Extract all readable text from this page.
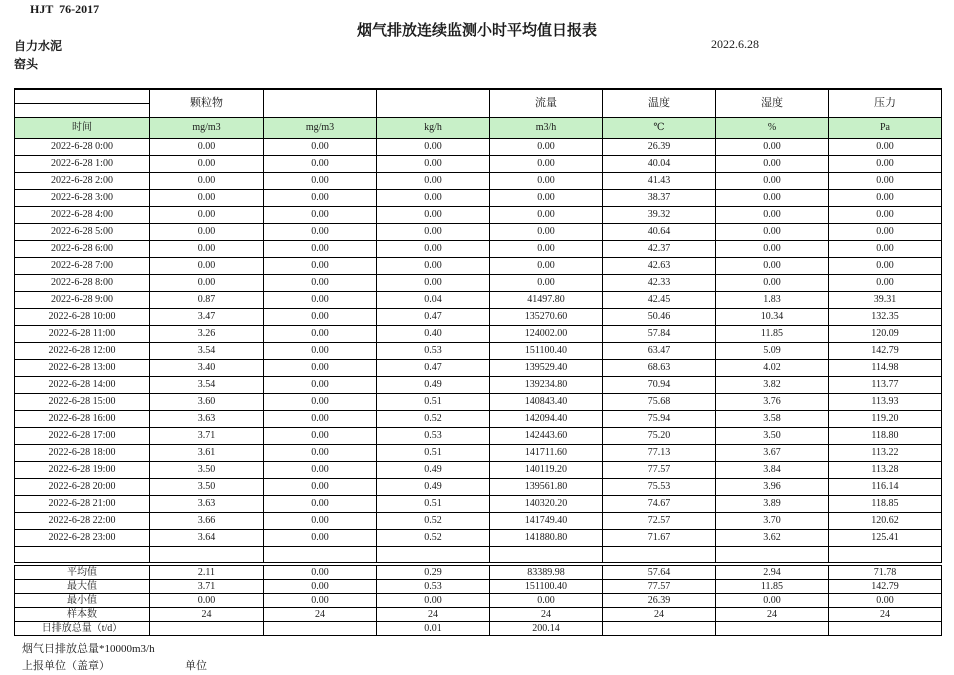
HJT  76-2017
烟气排放连续监测小时平均值日报表
2022.6.28
自力水泥
窑头
	颗粒物			流量	温度	湿度	压力

时间	mg/m3	mg/m3	kg/h	m3/h	℃	%	Pa
2022-6-28 0:00	0.00	0.00	0.00	0.00	26.39	0.00	0.00
2022-6-28 1:00	0.00	0.00	0.00	0.00	40.04	0.00	0.00
2022-6-28 2:00	0.00	0.00	0.00	0.00	41.43	0.00	0.00
2022-6-28 3:00	0.00	0.00	0.00	0.00	38.37	0.00	0.00
2022-6-28 4:00	0.00	0.00	0.00	0.00	39.32	0.00	0.00
2022-6-28 5:00	0.00	0.00	0.00	0.00	40.64	0.00	0.00
2022-6-28 6:00	0.00	0.00	0.00	0.00	42.37	0.00	0.00
2022-6-28 7:00	0.00	0.00	0.00	0.00	42.63	0.00	0.00
2022-6-28 8:00	0.00	0.00	0.00	0.00	42.33	0.00	0.00
2022-6-28 9:00	0.87	0.00	0.04	41497.80	42.45	1.83	39.31
2022-6-28 10:00	3.47	0.00	0.47	135270.60	50.46	10.34	132.35
2022-6-28 11:00	3.26	0.00	0.40	124002.00	57.84	11.85	120.09
2022-6-28 12:00	3.54	0.00	0.53	151100.40	63.47	5.09	142.79
2022-6-28 13:00	3.40	0.00	0.47	139529.40	68.63	4.02	114.98
2022-6-28 14:00	3.54	0.00	0.49	139234.80	70.94	3.82	113.77
2022-6-28 15:00	3.60	0.00	0.51	140843.40	75.68	3.76	113.93
2022-6-28 16:00	3.63	0.00	0.52	142094.40	75.94	3.58	119.20
2022-6-28 17:00	3.71	0.00	0.53	142443.60	75.20	3.50	118.80
2022-6-28 18:00	3.61	0.00	0.51	141711.60	77.13	3.67	113.22
2022-6-28 19:00	3.50	0.00	0.49	140119.20	77.57	3.84	113.28
2022-6-28 20:00	3.50	0.00	0.49	139561.80	75.53	3.96	116.14
2022-6-28 21:00	3.63	0.00	0.51	140320.20	74.67	3.89	118.85
2022-6-28 22:00	3.66	0.00	0.52	141749.40	72.57	3.70	120.62
2022-6-28 23:00	3.64	0.00	0.52	141880.80	71.67	3.62	125.41

平均值	2.11	0.00	0.29	83389.98	57.64	2.94	71.78
最大值	3.71	0.00	0.53	151100.40	77.57	11.85	142.79
最小值	0.00	0.00	0.00	0.00	26.39	0.00	0.00
样本数	24	24	24	24	24	24	24
日排放总量（t/d）			0.01	200.14			
烟气日排放总量*10000m3/h
上报单位（盖章）	单位
